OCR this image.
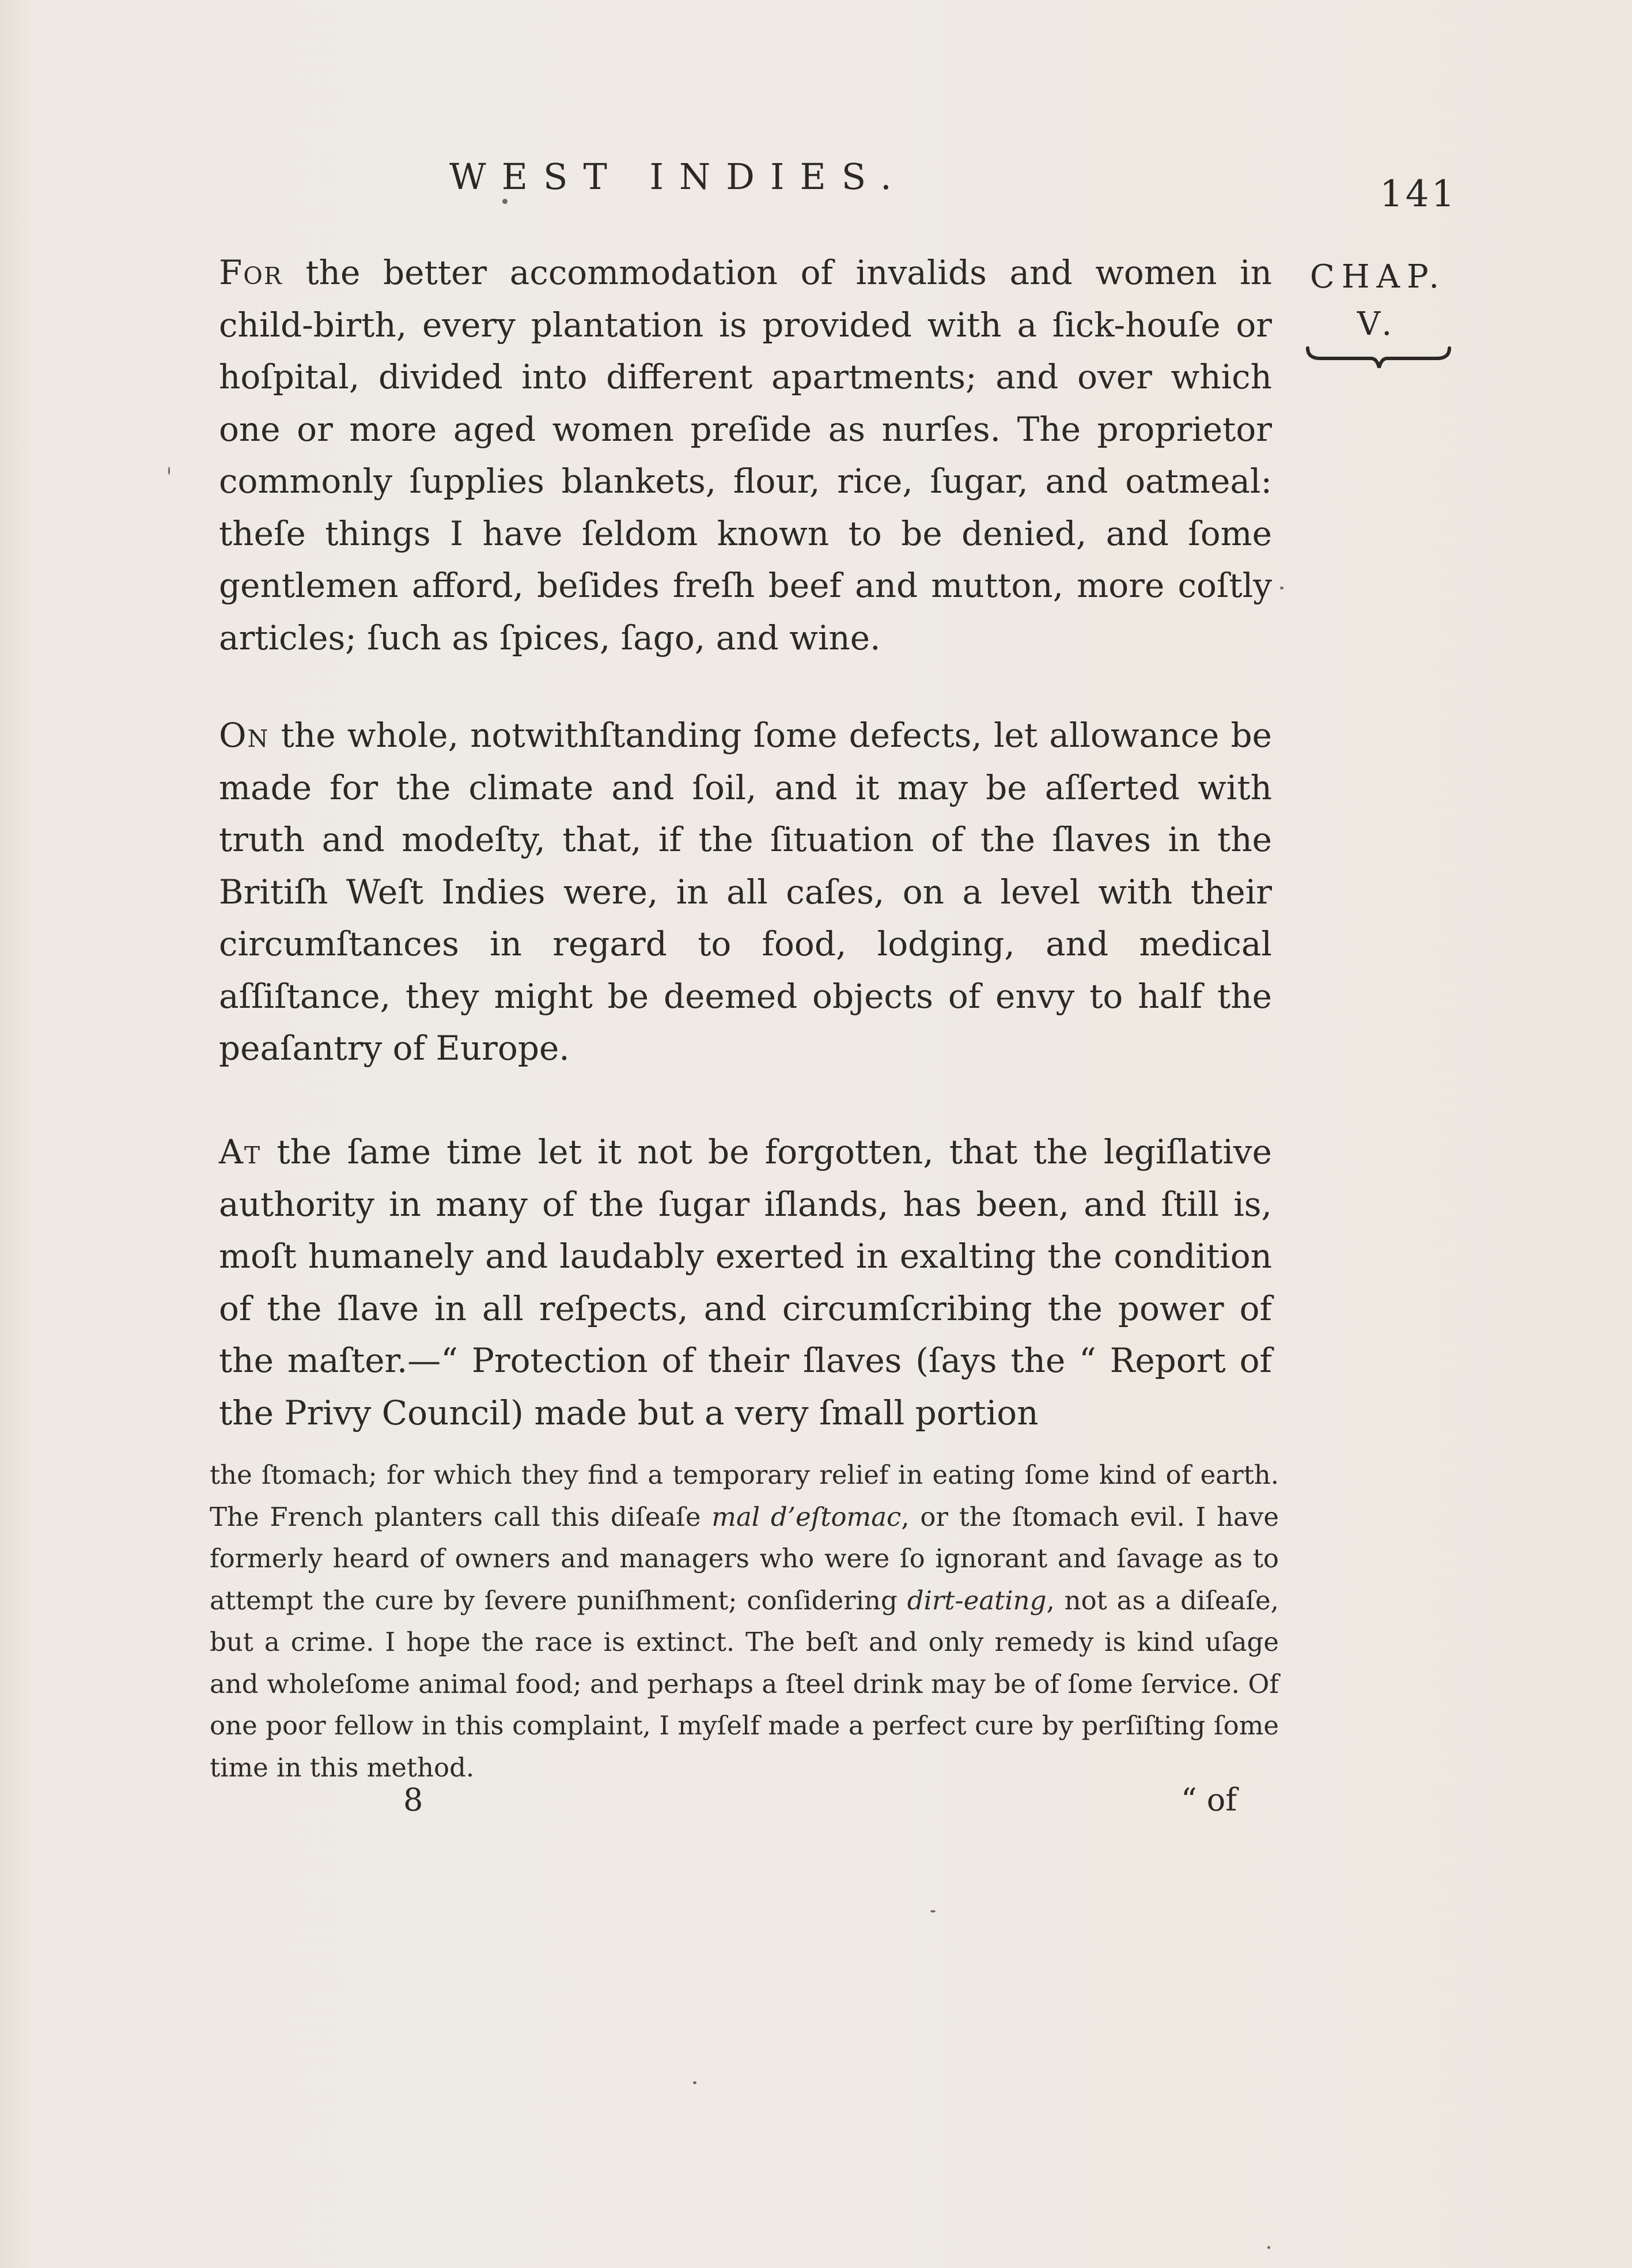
WEST INDIES.	141
CHAP.
V.

For the better accommodation of invalids and women in child-birth, every plantation is provided with a ſick-houſe or hoſpital, divided into different apartments; and over which one or more aged women preſide as nurſes. The proprietor commonly ſupplies blankets, flour, rice, ſugar, and oatmeal: theſe things I have ſeldom known to be denied, and ſome gentlemen afford, beſides freſh beef and mutton, more coſtly articles; ſuch as ſpices, ſago, and wine.

On the whole, notwithſtanding ſome defects, let allowance be made for the climate and ſoil, and it may be aſſerted with truth and modeſty, that, if the ſituation of the ſlaves in the Britiſh Weſt Indies were, in all caſes, on a level with their circumſtances in regard to food, lodging, and medical aſſiſtance, they might be deemed objects of envy to half the peaſantry of Europe.

At the ſame time let it not be forgotten, that the legiſlative authority in many of the ſugar iſlands, has been, and ſtill is, moſt humanely and laudably exerted in exalting the condition of the ſlave in all reſpects, and circumſcribing the power of the maſter.—“ Protection of their ſlaves (ſays the “ Report of the Privy Council) made but a very ſmall portion

the ſtomach; for which they find a temporary relief in eating ſome kind of earth. The French planters call this diſeaſe mal d’eſtomac, or the ſtomach evil. I have formerly heard of owners and managers who were ſo ignorant and ſavage as to attempt the cure by ſevere puniſhment; conſidering dirt-eating, not as a diſeaſe, but a crime. I hope the race is extinct. The beſt and only remedy is kind uſage and wholeſome animal food; and perhaps a ſteel drink may be of ſome ſervice. Of one poor fellow in this complaint, I myſelf made a perfect cure by perſiſting ſome time in this method.

8	“ of
